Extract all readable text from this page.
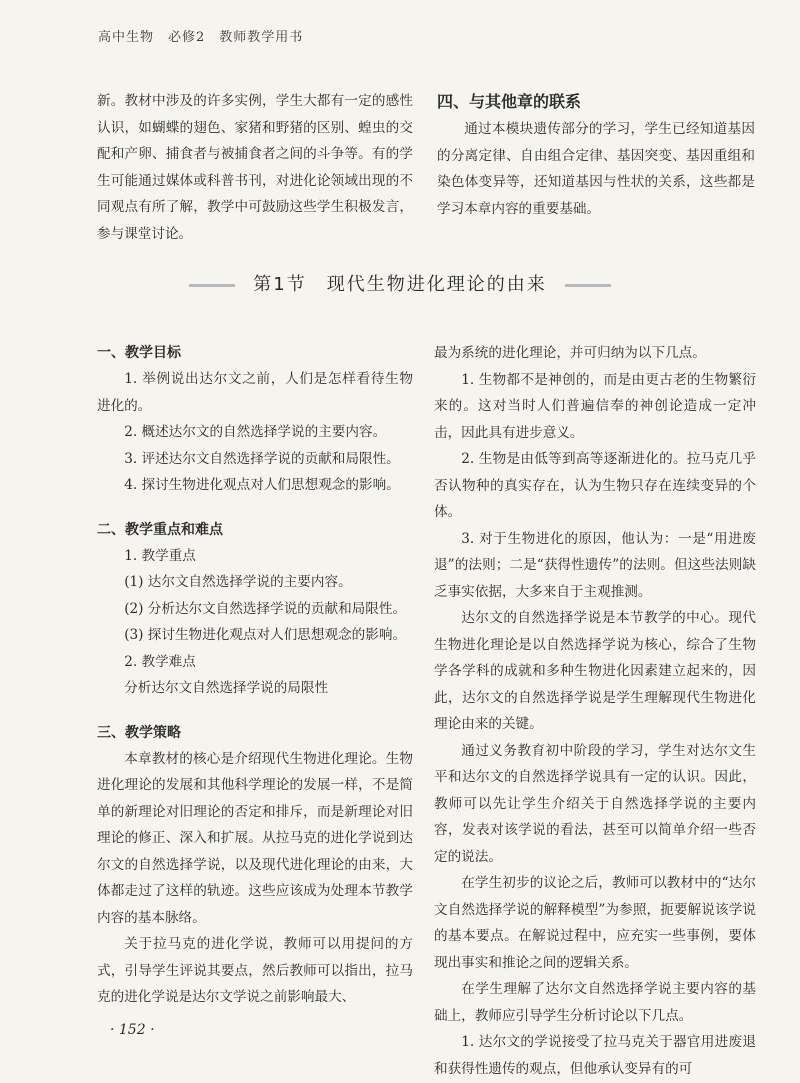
高中生物 必修2 教师教学用书

新。教材中涉及的许多实例，学生大都有一定的感性认识，如蝴蝶的翅色、家猪和野猪的区别、蝗虫的交配和产卵、捕食者与被捕食者之间的斗争等。有的学生可能通过媒体或科普书刊，对进化论领域出现的不同观点有所了解，教学中可鼓励这些学生积极发言，参与课堂讨论。

四、与其他章的联系

通过本模块遗传部分的学习，学生已经知道基因的分离定律、自由组合定律、基因突变、基因重组和染色体变异等，还知道基因与性状的关系，这些都是学习本章内容的重要基础。

第1节 现代生物进化理论的由来
一、教学目标

1. 举例说出达尔文之前，人们是怎样看待生物进化的。

2. 概述达尔文的自然选择学说的主要内容。

3. 评述达尔文自然选择学说的贡献和局限性。

4. 探讨生物进化观点对人们思想观念的影响。

二、教学重点和难点

1. 教学重点

(1) 达尔文自然选择学说的主要内容。

(2) 分析达尔文自然选择学说的贡献和局限性。

(3) 探讨生物进化观点对人们思想观念的影响。

2. 教学难点

分析达尔文自然选择学说的局限性

三、教学策略

本章教材的核心是介绍现代生物进化理论。生物进化理论的发展和其他科学理论的发展一样，不是简单的新理论对旧理论的否定和排斥，而是新理论对旧理论的修正、深入和扩展。从拉马克的进化学说到达尔文的自然选择学说，以及现代进化理论的由来，大体都走过了这样的轨迹。这些应该成为处理本节教学内容的基本脉络。

关于拉马克的进化学说，教师可以用提问的方式，引导学生评说其要点，然后教师可以指出，拉马克的进化学说是达尔文学说之前影响最大、

最为系统的进化理论，并可归纳为以下几点。

1. 生物都不是神创的，而是由更古老的生物繁衍来的。这对当时人们普遍信奉的神创论造成一定冲击，因此具有进步意义。

2. 生物是由低等到高等逐渐进化的。拉马克几乎否认物种的真实存在，认为生物只存在连续变异的个体。

3. 对于生物进化的原因，他认为：一是“用进废退”的法则；二是“获得性遗传”的法则。但这些法则缺乏事实依据，大多来自于主观推测。

达尔文的自然选择学说是本节教学的中心。现代生物进化理论是以自然选择学说为核心，综合了生物学各学科的成就和多种生物进化因素建立起来的，因此，达尔文的自然选择学说是学生理解现代生物进化理论由来的关键。

通过义务教育初中阶段的学习，学生对达尔文生平和达尔文的自然选择学说具有一定的认识。因此，教师可以先让学生介绍关于自然选择学说的主要内容，发表对该学说的看法，甚至可以简单介绍一些否定的说法。

在学生初步的议论之后，教师可以教材中的“达尔文自然选择学说的解释模型”为参照，扼要解说该学说的基本要点。在解说过程中，应充实一些事例，要体现出事实和推论之间的逻辑关系。

在学生理解了达尔文自然选择学说主要内容的基础上，教师应引导学生分析讨论以下几点。

1. 达尔文的学说接受了拉马克关于器官用进废退和获得性遗传的观点，但他承认变异有的可

· 152 ·
